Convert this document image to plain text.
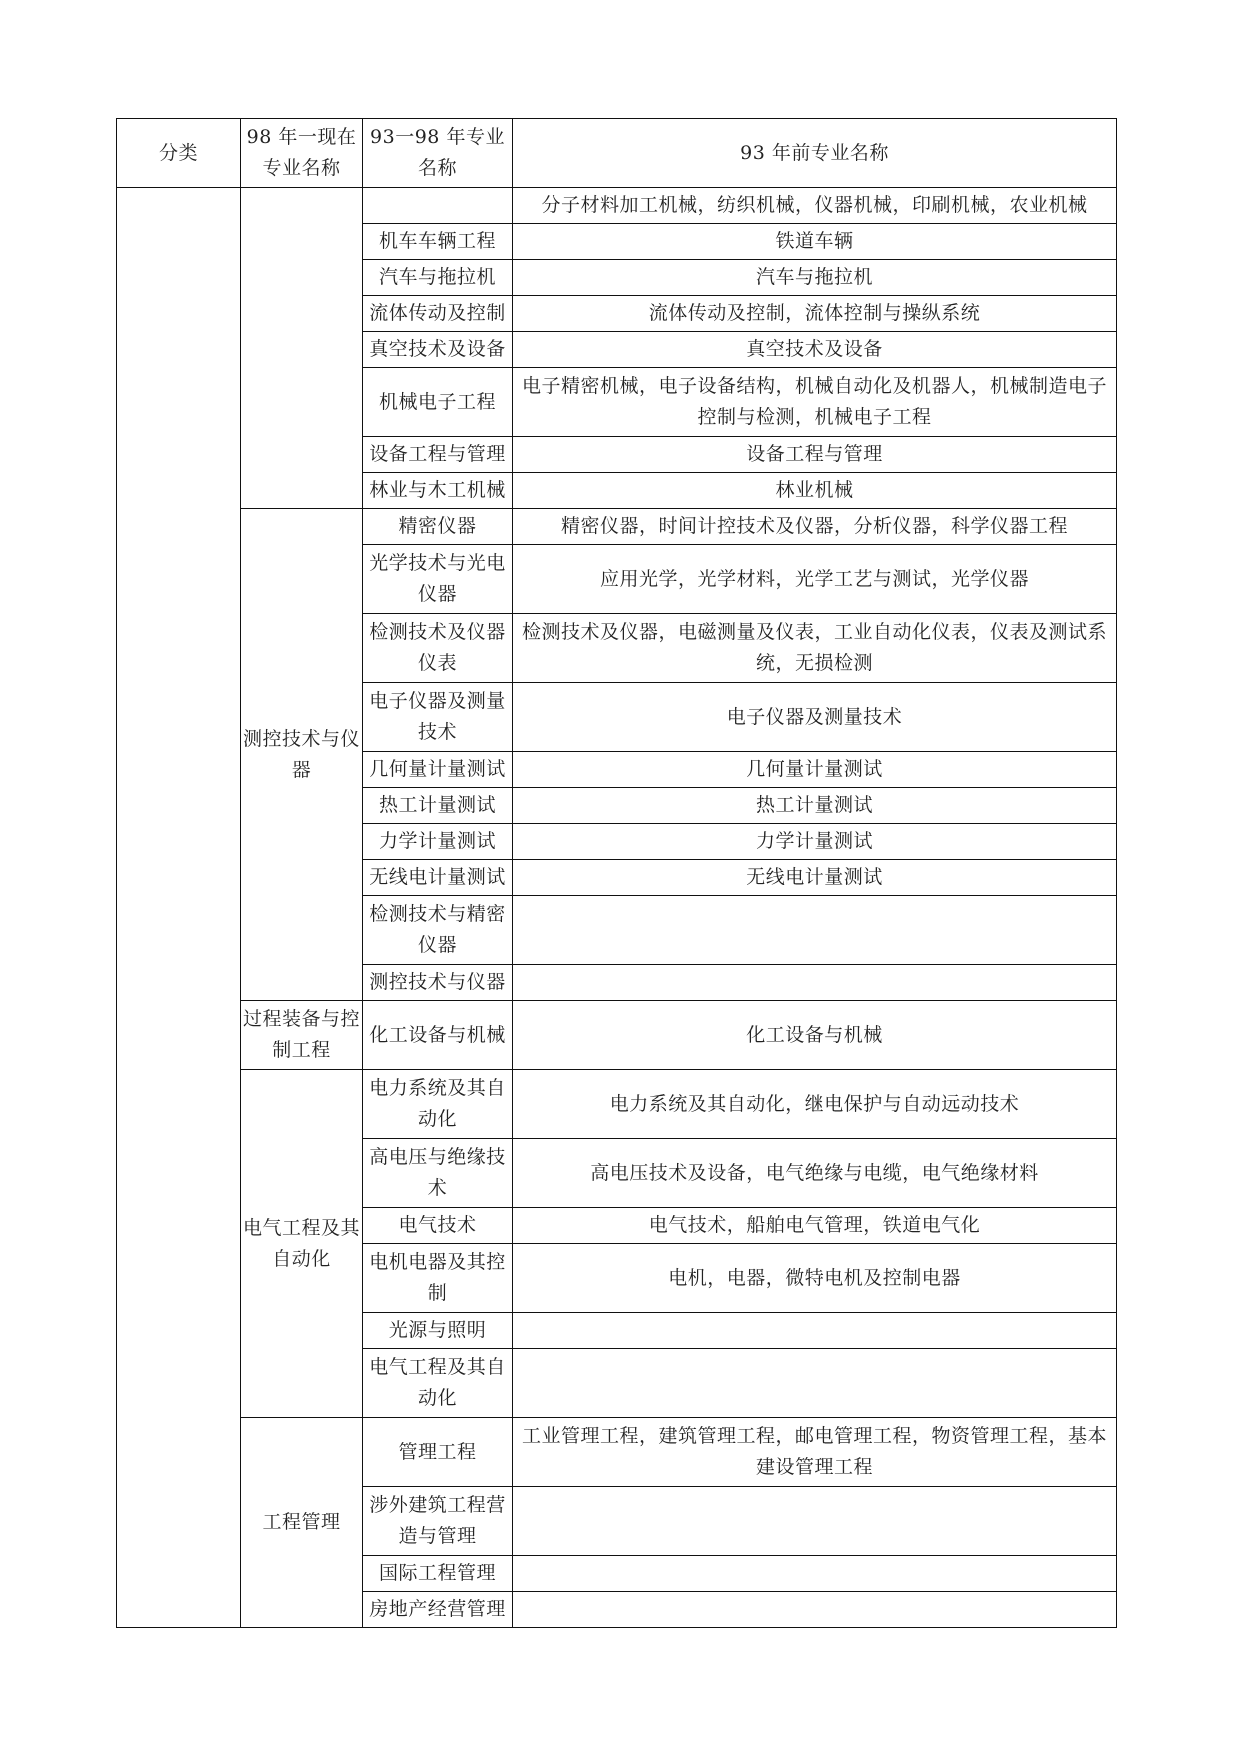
分类	98 年一现在专业名称	93一98 年专业名称	93 年前专业名称
			分子材料加工机械，纺织机械，仪器机械，印刷机械，农业机械
		机车车辆工程	铁道车辆
		汽车与拖拉机	汽车与拖拉机
		流体传动及控制	流体传动及控制，流体控制与操纵系统
		真空技术及设备	真空技术及设备
		机械电子工程	电子精密机械，电子设备结构，机械自动化及机器人，机械制造电子控制与检测，机械电子工程
		设备工程与管理	设备工程与管理
		林业与木工机械	林业机械
	测控技术与仪器	精密仪器	精密仪器，时间计控技术及仪器，分析仪器，科学仪器工程
		光学技术与光电仪器	应用光学，光学材料，光学工艺与测试，光学仪器
		检测技术及仪器仪表	检测技术及仪器，电磁测量及仪表，工业自动化仪表，仪表及测试系统，无损检测
		电子仪器及测量技术	电子仪器及测量技术
		几何量计量测试	几何量计量测试
		热工计量测试	热工计量测试
		力学计量测试	力学计量测试
		无线电计量测试	无线电计量测试
		检测技术与精密仪器	
		测控技术与仪器	
	过程装备与控制工程	化工设备与机械	化工设备与机械
	电气工程及其自动化	电力系统及其自动化	电力系统及其自动化，继电保护与自动远动技术
		高电压与绝缘技术	高电压技术及设备，电气绝缘与电缆，电气绝缘材料
		电气技术	电气技术，船舶电气管理，铁道电气化
		电机电器及其控制	电机，电器，微特电机及控制电器
		光源与照明	
		电气工程及其自动化	
	工程管理	管理工程	工业管理工程，建筑管理工程，邮电管理工程，物资管理工程，基本建设管理工程
		涉外建筑工程营造与管理	
		国际工程管理	
		房地产经营管理	
